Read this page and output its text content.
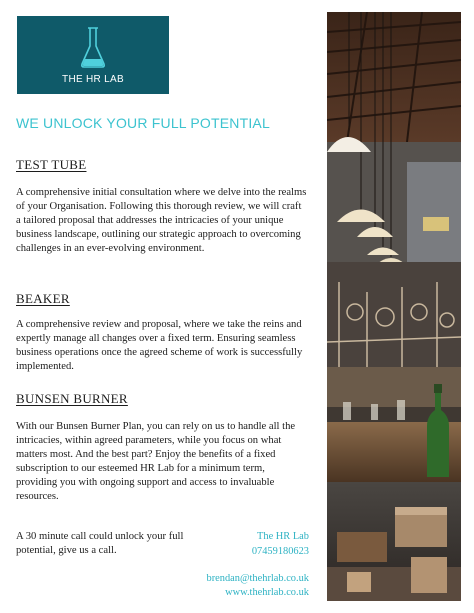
THE HR LAB
WE UNLOCK YOUR FULL POTENTIAL
TEST TUBE
A comprehensive initial consultation where we delve into the realms of your Organisation. Following this thorough review, we will craft a tailored proposal that addresses the intricacies of your unique business landscape, outlining our strategic approach to overcoming challenges in an ever-evolving environment.
BEAKER
A comprehensive review and proposal, where we take the reins and expertly manage all changes over a fixed term. Ensuring seamless business operations once the agreed scheme of work is successfully implemented.
BUNSEN BURNER
With our Bunsen Burner Plan, you can rely on us to handle all the intricacies, within agreed parameters, while you focus on what matters most. And the best part? Enjoy the benefits of a fixed subscription to our esteemed HR Lab for a minimum term, providing you with ongoing support and access to invaluable resources.
A 30 minute call could unlock your full potential, give us a call.
The HR Lab
07459180623
brendan@thehrlab.co.uk
www.thehrlab.co.uk
